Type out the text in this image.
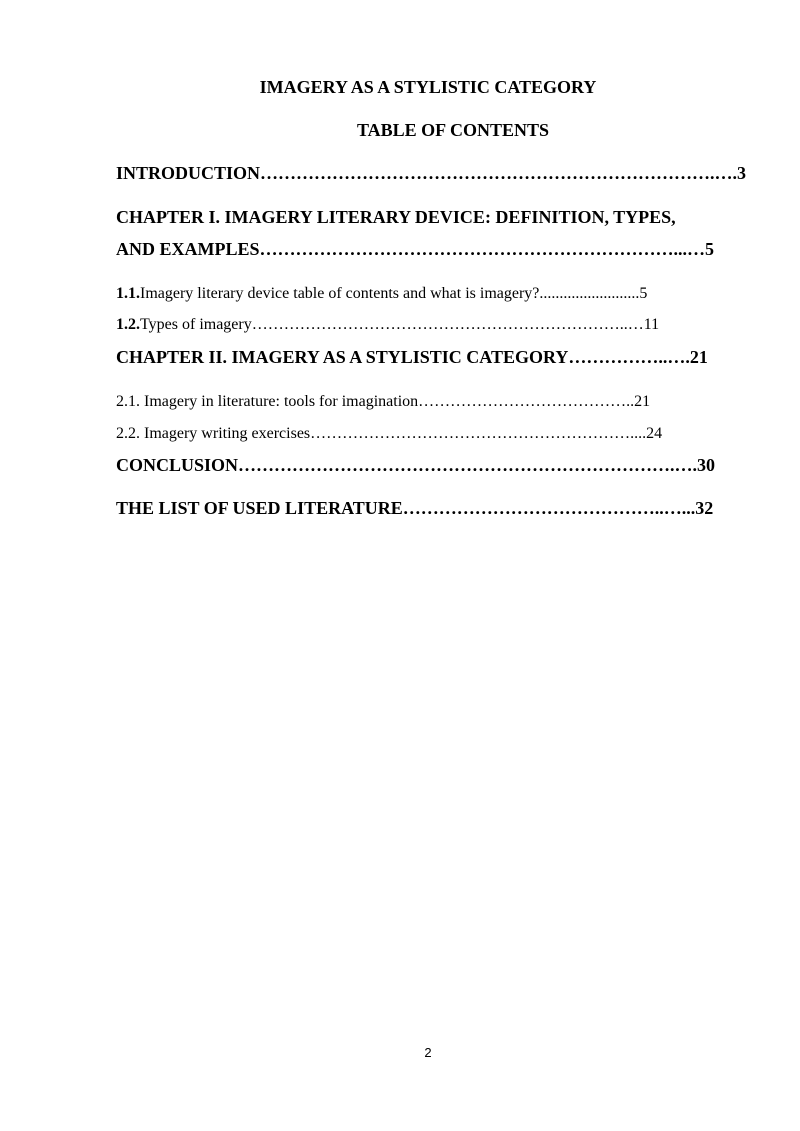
IMAGERY AS A STYLISTIC CATEGORY
TABLE OF CONTENTS
INTRODUCTION………………………………………………………………….….3
CHAPTER I. IMAGERY LITERARY DEVICE: DEFINITION, TYPES,
AND EXAMPLES……………………………………………………………...…5
1.1.Imagery literary device table of contents and what is imagery?.........................5
1.2.Types of imagery……………………………………………………………..…11
CHAPTER II. IMAGERY AS A STYLISTIC CATEGORY……………..….21
2.1. Imagery in literature: tools for imagination…………………………………..21
2.2. Imagery writing exercises……………………………………………………....24
CONCLUSION……………………………………………………………….….30
THE LIST OF USED LITERATURE……………………………………..…...32
2
